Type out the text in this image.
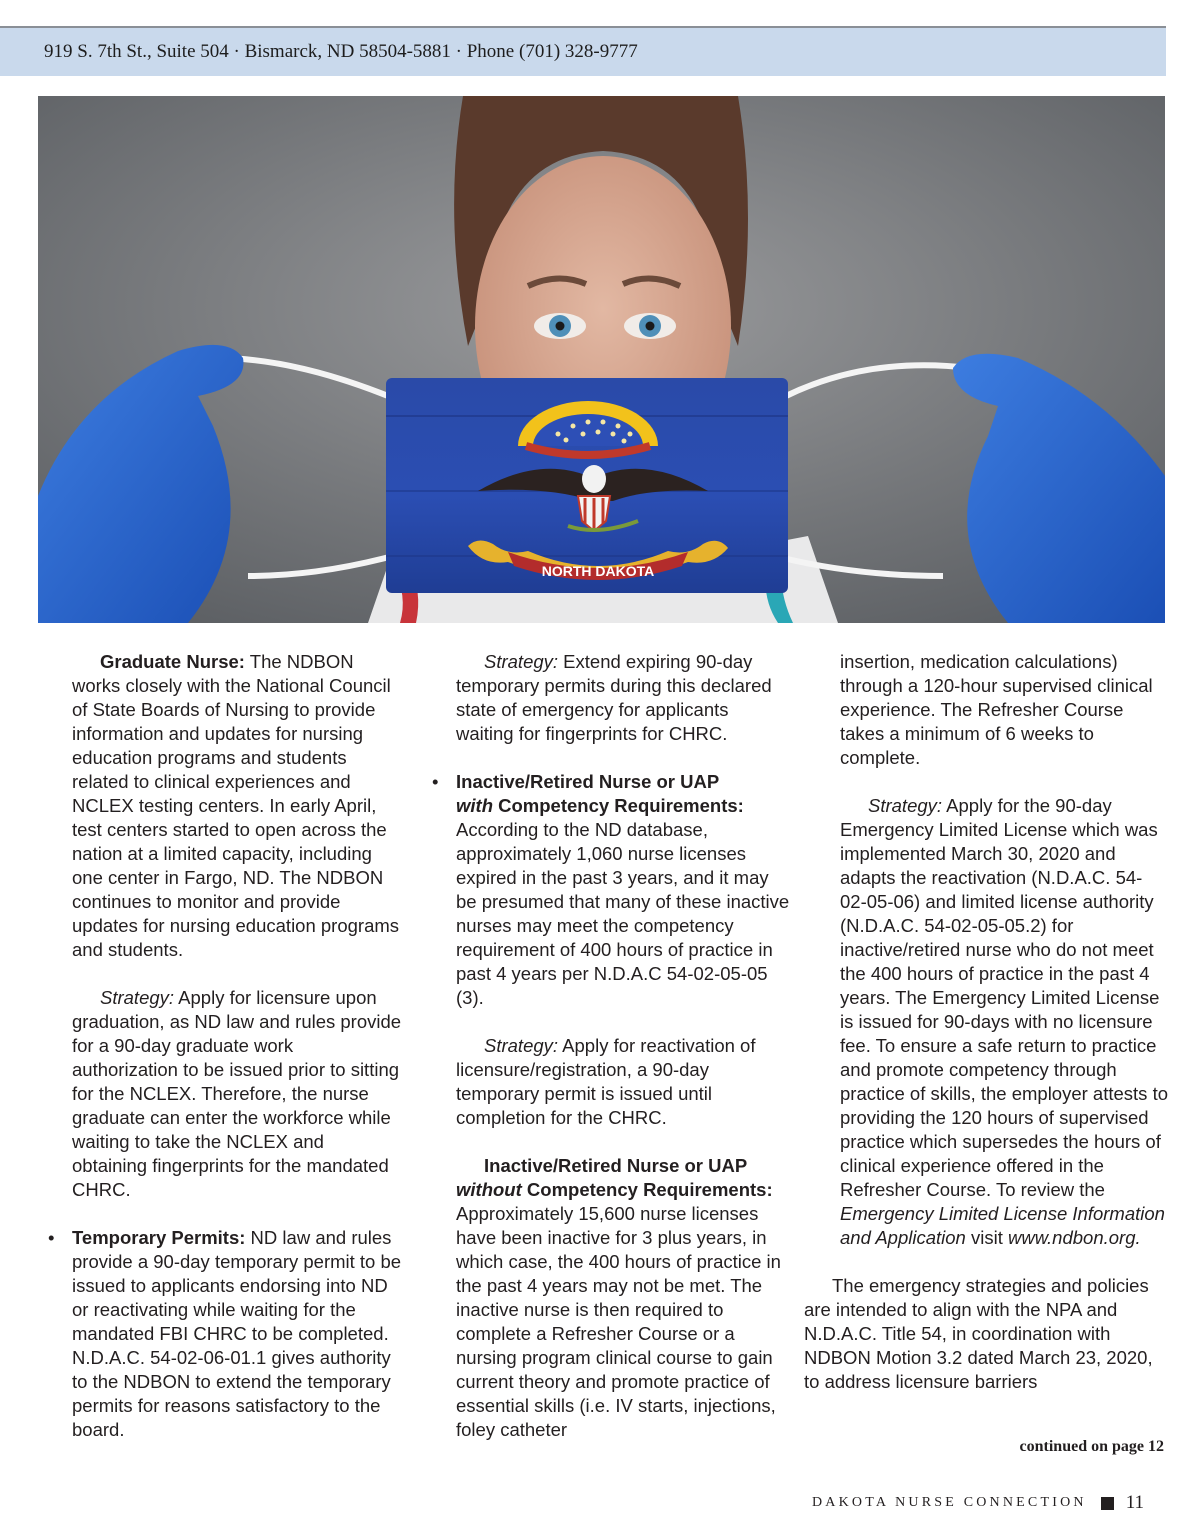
919 S. 7th St., Suite 504 · Bismarck, ND 58504-5881 · Phone (701) 328-9777
NORTH DAKOTA

Graduate Nurse: The NDBON works closely with the National Council of State Boards of Nursing to provide information and updates for nursing education programs and students related to clinical experiences and NCLEX testing centers. In early April, test centers started to open across the nation at a limited capacity, including one center in Fargo, ND. The NDBON continues to monitor and provide updates for nursing education programs and students.

Strategy: Apply for licensure upon graduation, as ND law and rules provide for a 90-day graduate work authorization to be issued prior to sitting for the NCLEX. Therefore, the nurse graduate can enter the workforce while waiting to take the NCLEX and obtaining fingerprints for the mandated CHRC.

• Temporary Permits: ND law and rules provide a 90-day temporary permit to be issued to applicants endorsing into ND or reactivating while waiting for the mandated FBI CHRC to be completed. N.D.A.C. 54-02-06-01.1 gives authority to the NDBON to extend the temporary permits for reasons satisfactory to the board.

Strategy: Extend expiring 90-day temporary permits during this declared state of emergency for applicants waiting for fingerprints for CHRC.

• Inactive/Retired Nurse or UAP
with Competency Requirements: According to the ND database, approximately 1,060 nurse licenses expired in the past 3 years, and it may be presumed that many of these inactive nurses may meet the competency requirement of 400 hours of practice in past 4 years per N.D.A.C 54-02-05-05 (3).

Strategy: Apply for reactivation of licensure/registration, a 90-day temporary permit is issued until completion for the CHRC.

Inactive/Retired Nurse or UAP
without Competency Requirements: Approximately 15,600 nurse licenses have been inactive for 3 plus years, in which case, the 400 hours of practice in the past 4 years may not be met. The inactive nurse is then required to complete a Refresher Course or a nursing program clinical course to gain current theory and promote practice of essential skills (i.e. IV starts, injections, foley catheter

insertion, medication calculations) through a 120-hour supervised clinical experience. The Refresher Course takes a minimum of 6 weeks to complete.

Strategy: Apply for the 90-day Emergency Limited License which was implemented March 30, 2020 and adapts the reactivation (N.D.A.C. 54-02-05-06) and limited license authority (N.D.A.C. 54-02-05-05.2) for inactive/retired nurse who do not meet the 400 hours of practice in the past 4 years. The Emergency Limited License is issued for 90-days with no licensure fee. To ensure a safe return to practice and promote competency through practice of skills, the employer attests to providing the 120 hours of supervised practice which supersedes the hours of clinical experience offered in the Refresher Course. To review the Emergency Limited License Information and Application visit www.ndbon.org.

The emergency strategies and policies are intended to align with the NPA and N.D.A.C. Title 54, in coordination with NDBON Motion 3.2 dated March 23, 2020, to address licensure barriers

continued on page 12
DAKOTA NURSE CONNECTION 11
